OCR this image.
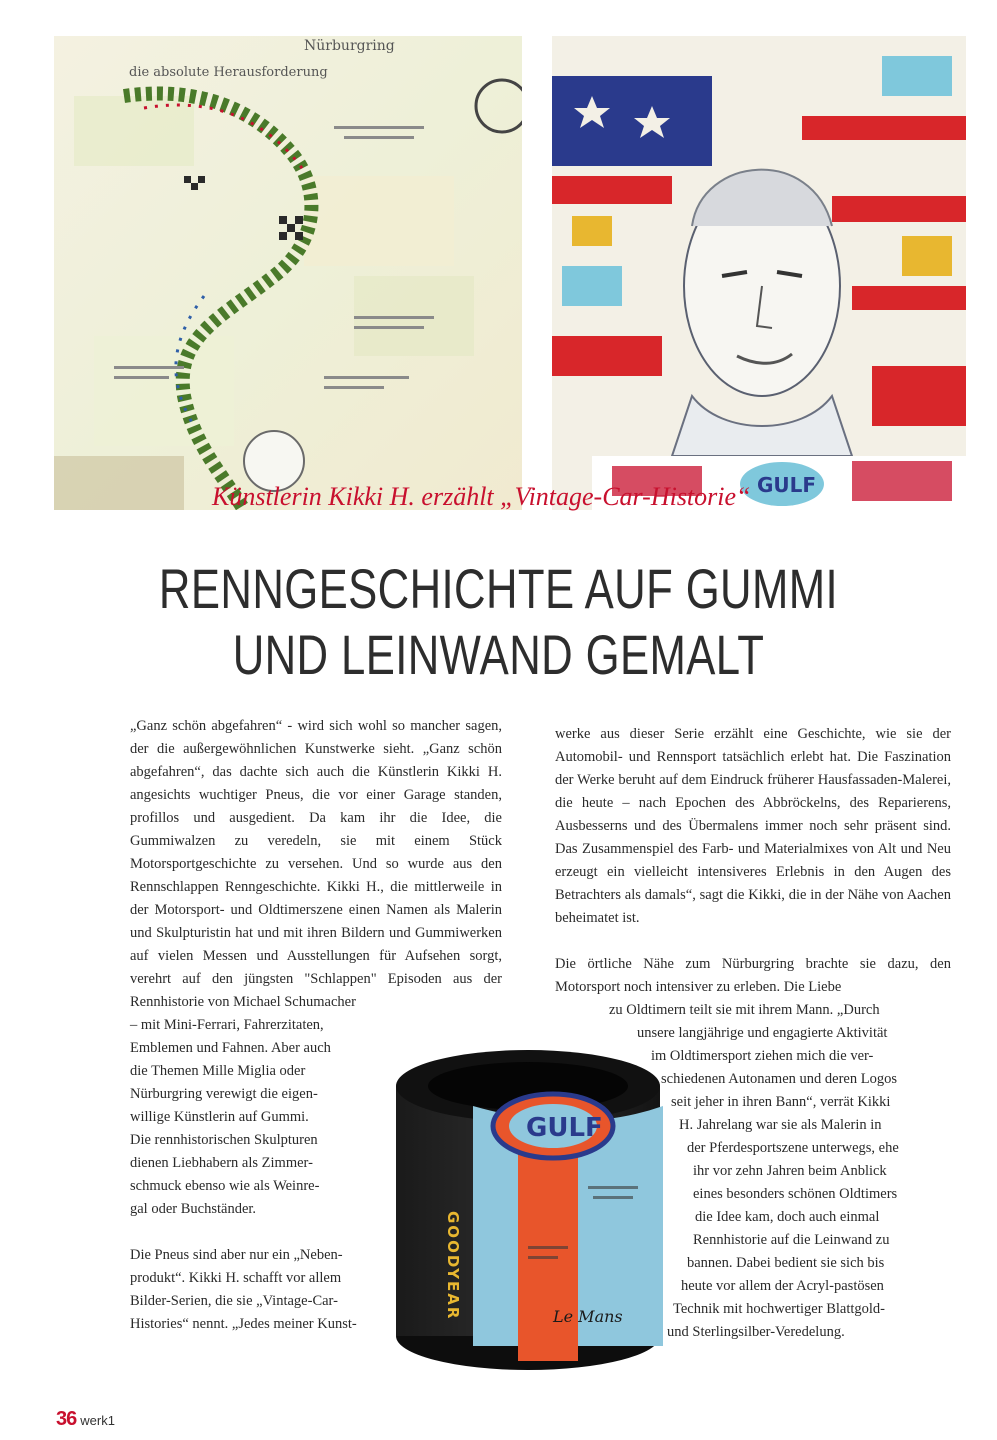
Nürburgring
die absolute Herausforderung
GULF
Künstlerin Kikki H. erzählt „Vintage-Car-Historie“
RENNGESCHICHTE AUF GUMMI
UND LEINWAND GEMALT

„Ganz schön abgefahren“ - wird sich wohl so mancher sagen, der die außergewöhnlichen Kunstwerke sieht. „Ganz schön abgefahren“, das dachte sich auch die Künstlerin Kikki H. angesichts wuchtiger Pneus, die vor einer Garage standen, profillos und ausgedient. Da kam ihr die Idee, die Gummiwalzen zu veredeln, sie mit einem Stück Motorsportgeschichte zu versehen. Und so wurde aus den Rennschlappen Renngeschichte. Kikki H., die mittlerweile in der Motorsport- und Oldtimerszene einen Namen als Malerin und Skulpturistin hat und mit ihren Bildern und Gummiwerken auf vielen Messen und Ausstellungen für Aufsehen sorgt, verehrt auf den jüngsten "Schlappen" Episoden aus der Rennhistorie von Michael Schumacher

– mit Mini-Ferrari, Fahrerzitaten,

Emblemen und Fahnen. Aber auch

die Themen Mille Miglia oder

Nürburgring verewigt die eigen-

willige Künstlerin auf Gummi.

Die rennhistorischen Skulpturen

dienen Liebhabern als Zimmer-

schmuck ebenso wie als Weinre-

gal oder Buchständer.

Die Pneus sind aber nur ein „Neben-

produkt“. Kikki H. schafft vor allem

Bilder-Serien, die sie „Vintage-Car-

Histories“ nennt. „Jedes meiner Kunst-

werke aus dieser Serie erzählt eine Geschichte, wie sie der Automobil- und Rennsport tatsächlich erlebt hat. Die Faszination der Werke beruht auf dem Eindruck früherer Hausfassaden-Malerei, die heute – nach Epochen des Abbröckelns, des Reparierens, Ausbesserns und des Übermalens immer noch sehr präsent sind. Das Zusammenspiel des Farb- und Materialmixes von Alt und Neu erzeugt ein vielleicht intensiveres Erlebnis in den Augen des Betrachters als damals“, sagt die Kikki, die in der Nähe von Aachen beheimatet ist.

Die örtliche Nähe zum Nürburgring brachte sie dazu, den Motorsport noch intensiver zu erleben. Die Liebe

zu Oldtimern teilt sie mit ihrem Mann. „Durch

unsere langjährige und engagierte Aktivität

im Oldtimersport ziehen mich die ver-

schiedenen Autonamen und deren Logos

seit jeher in ihren Bann“, verrät Kikki

H. Jahrelang war sie als Malerin in

der Pferdesportszene unterwegs, ehe

ihr vor zehn Jahren beim Anblick

eines besonders schönen Oldtimers

die Idee kam, doch auch einmal

Rennhistorie auf die Leinwand zu

bannen. Dabei bedient sie sich bis

heute vor allem der Acryl-pastösen

Technik mit hochwertiger Blattgold-

und Sterlingsilber-Veredelung.

GULF
GOODYEAR	Le Mans
36 werk1
